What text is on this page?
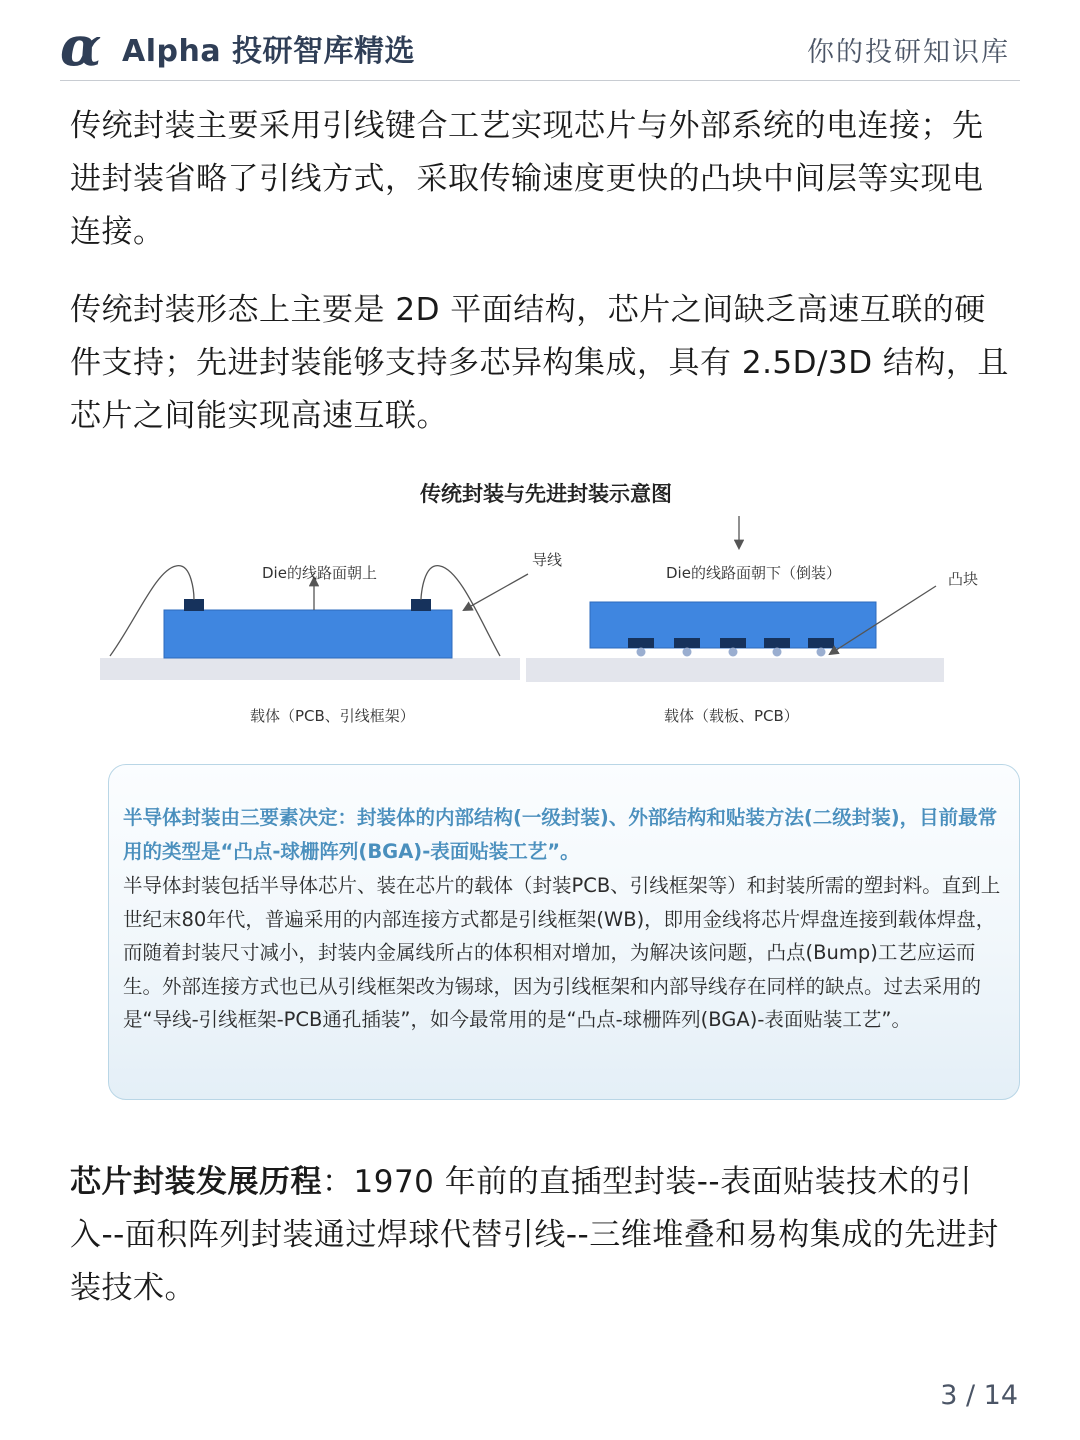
α Alpha 投研智库精选	你的投研知识库
传统封装主要采用引线键合工艺实现芯片与外部系统的电连接；先进封装省略了引线方式，采取传输速度更快的凸块中间层等实现电连接。
传统封装形态上主要是 2D 平面结构，芯片之间缺乏高速互联的硬件支持；先进封装能够支持多芯异构集成，具有 2.5D/3D 结构，且芯片之间能实现高速互联。
传统封装与先进封装示意图
Die的线路面朝上
导线
载体（PCB、引线框架）
Die的线路面朝下（倒装）	凸块
载体（载板、PCB）
半导体封装由三要素决定：封装体的内部结构(一级封装)、外部结构和贴装方法(二级封装)，目前最常用的类型是“凸点-球栅阵列(BGA)-表面贴装工艺”。
半导体封装包括半导体芯片、装在芯片的载体（封装PCB、引线框架等）和封装所需的塑封料。直到上世纪末80年代，普遍采用的内部连接方式都是引线框架(WB)，即用金线将芯片焊盘连接到载体焊盘，而随着封装尺寸减小，封装内金属线所占的体积相对增加，为解决该问题，凸点(Bump)工艺应运而生。外部连接方式也已从引线框架改为锡球，因为引线框架和内部导线存在同样的缺点。过去采用的是“导线-引线框架-PCB通孔插装”，如今最常用的是“凸点-球栅阵列(BGA)-表面贴装工艺”。
芯片封装发展历程：1970 年前的直插型封装--表面贴装技术的引入--面积阵列封装通过焊球代替引线--三维堆叠和易构集成的先进封装技术。
3 / 14
